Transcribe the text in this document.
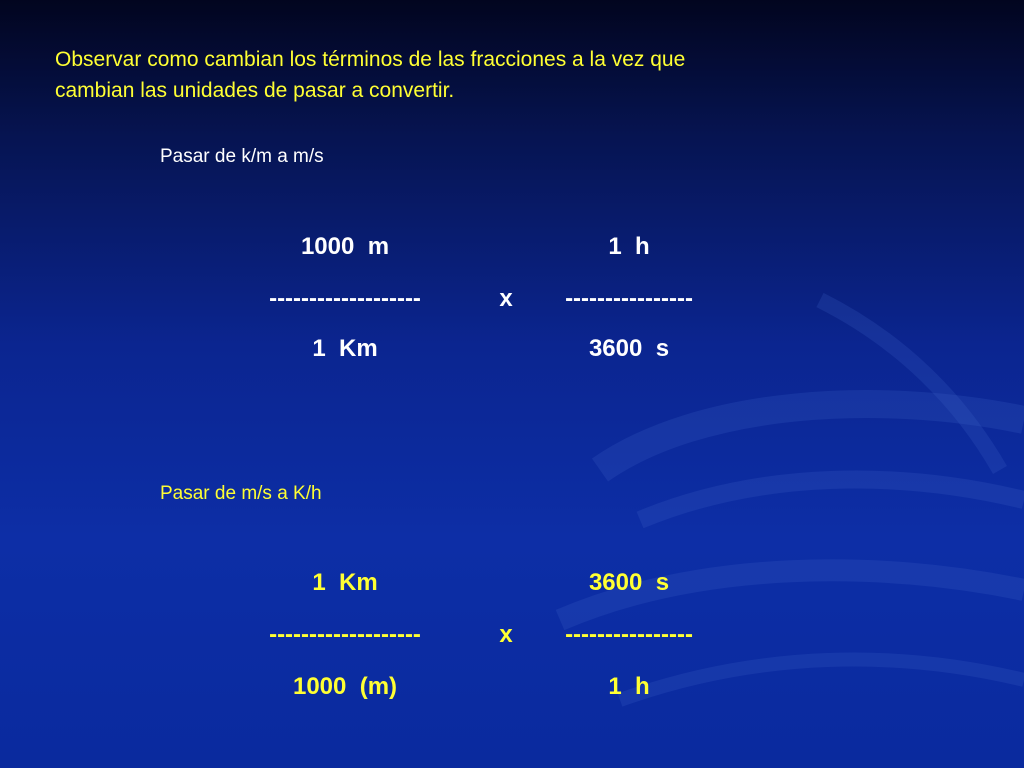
Observar como cambian los términos de las fracciones a la vez que
cambian las unidades de pasar a convertir.

Pasar de k/m a m/s

1000  m	1  h
-------------------	x ----------------
1  Km	3600  s

Pasar de m/s a K/h

1  Km	3600  s
-------------------	x ----------------
1000  (m)	1  h
